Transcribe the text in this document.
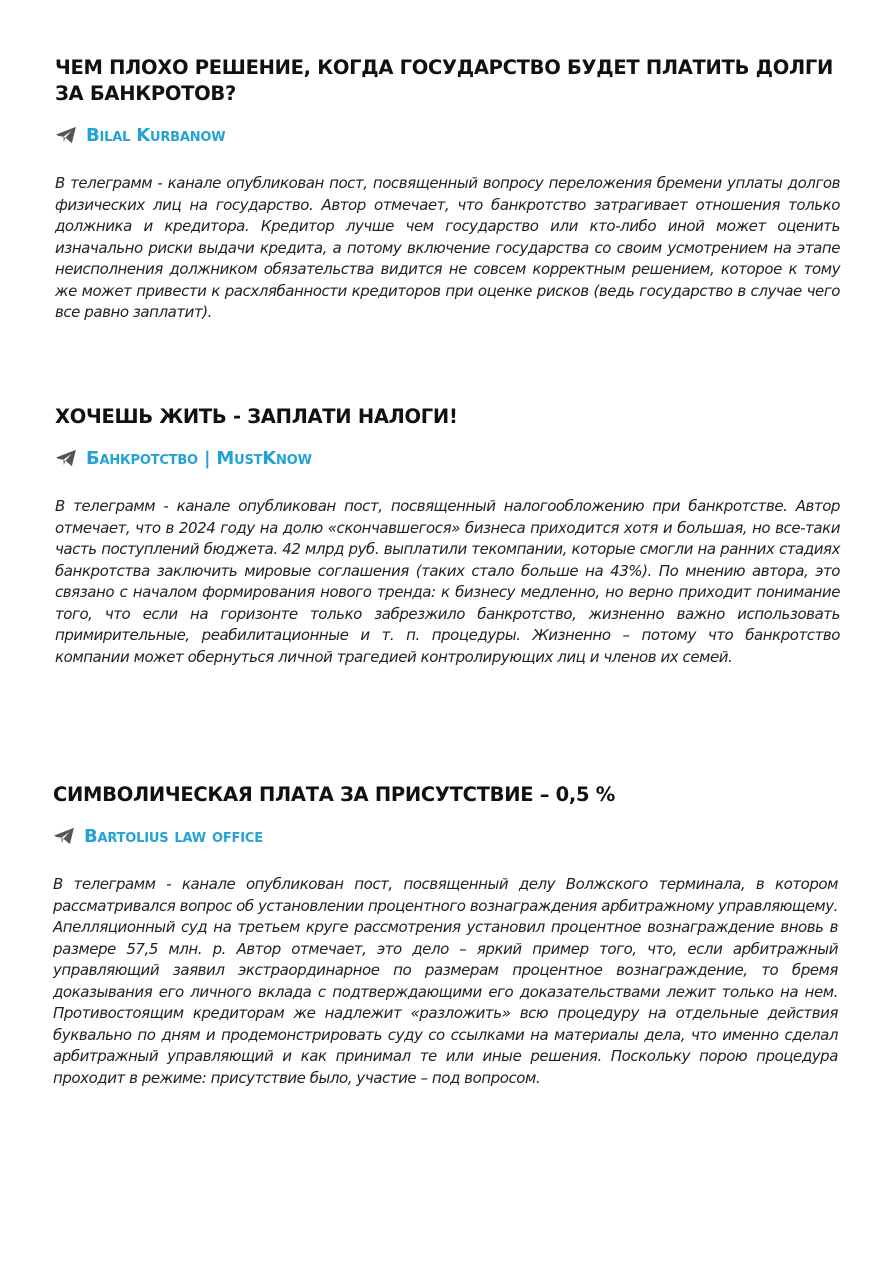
ЧЕМ ПЛОХО РЕШЕНИЕ, КОГДА ГОСУДАРСТВО БУДЕТ ПЛАТИТЬ ДОЛГИ ЗА БАНКРОТОВ?
Bilal Kurbanow

В телеграмм - канале опубликован пост, посвященный вопросу переложения бремени уплаты долгов физических лиц на государство. Автор отмечает, что банкротство затрагивает отношения только должника и кредитора. Кредитор лучше чем государство или кто-либо иной может оценить изначально риски выдачи кредита, а потому включение государства со своим усмотрением на этапе неисполнения должником обязательства видится не совсем корректным решением, которое к тому же может привести к расхлябанности кредиторов при оценке рисков (ведь государство в случае чего все равно заплатит).

ХОЧЕШЬ ЖИТЬ - ЗАПЛАТИ НАЛОГИ!
Банкротство | MustKnow

В телеграмм - канале опубликован пост, посвященный налогообложению при банкротстве. Автор отмечает, что в 2024 году на долю «скончавшегося» бизнеса приходится хотя и большая, но все-таки часть поступлений бюджета. 42 млрд руб. выплатили текомпании, которые смогли на ранних стадиях банкротства заключить мировые соглашения (таких стало больше на 43%). По мнению автора, это связано с началом формирования нового тренда: к бизнесу медленно, но верно приходит понимание того, что если на горизонте только забрезжило банкротство, жизненно важно использовать примирительные, реабилитационные и т. п. процедуры. Жизненно – потому что банкротство компании может обернуться личной трагедией контролирующих лиц и членов их семей.

СИМВОЛИЧЕСКАЯ ПЛАТА ЗА ПРИСУТСТВИЕ – 0,5 %
Bartolius law office

В телеграмм - канале опубликован пост, посвященный делу Волжского терминала, в котором рассматривался вопрос об установлении процентного вознаграждения арбитражному управляющему. Апелляционный суд на третьем круге рассмотрения установил процентное вознаграждение вновь в размере 57,5 млн. р. Автор отмечает, это дело – яркий пример того, что, если арбитражный управляющий заявил экстраординарное по размерам процентное вознаграждение, то бремя доказывания его личного вклада с подтверждающими его доказательствами лежит только на нем. Противостоящим кредиторам же надлежит «разложить» всю процедуру на отдельные действия буквально по дням и продемонстрировать суду со ссылками на материалы дела, что именно сделал арбитражный управляющий и как принимал те или иные решения. Поскольку порою процедура проходит в режиме: присутствие было, участие – под вопросом.
